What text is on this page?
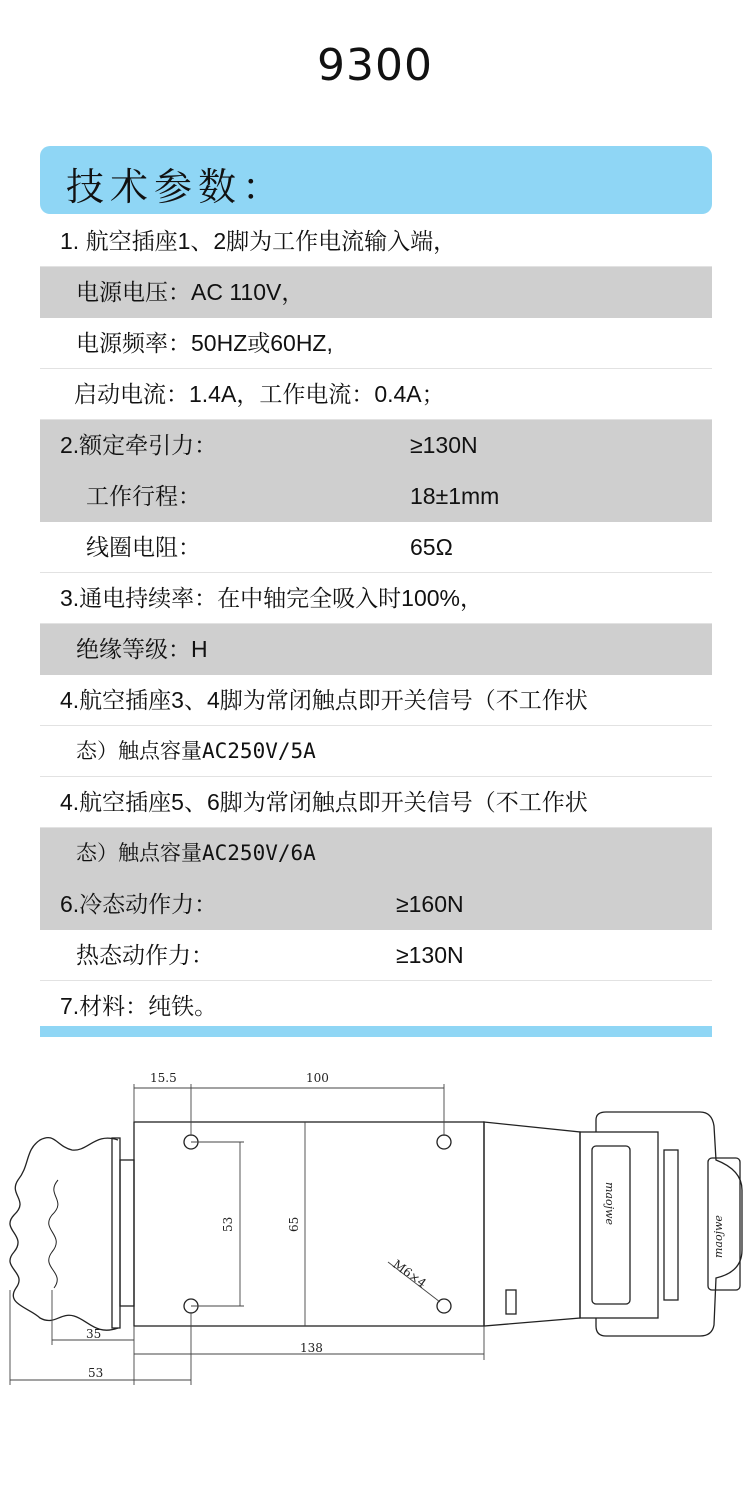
9300
技术参数：
1. 航空插座1、2脚为工作电流输入端，
电源电压：AC 110V，
电源频率：50HZ或60HZ,
启动电流：1.4A，工作电流：0.4A；
2.额定牵引力：	≥130N
工作行程：	18±1mm
线圈电阻：	65Ω
3.通电持续率：在中轴完全吸入时100%，
绝缘等级：H
4.航空插座3、4脚为常闭触点即开关信号（不工作状
态）触点容量AC250V/5A
4.航空插座5、6脚为常闭触点即开关信号（不工作状
态）触点容量AC250V/6A
6.冷态动作力：	≥160N
热态动作力：	≥130N
7.材料：纯铁。
15.5	100
53	65
M6×4
35
138
53
maojwe
maojwe
